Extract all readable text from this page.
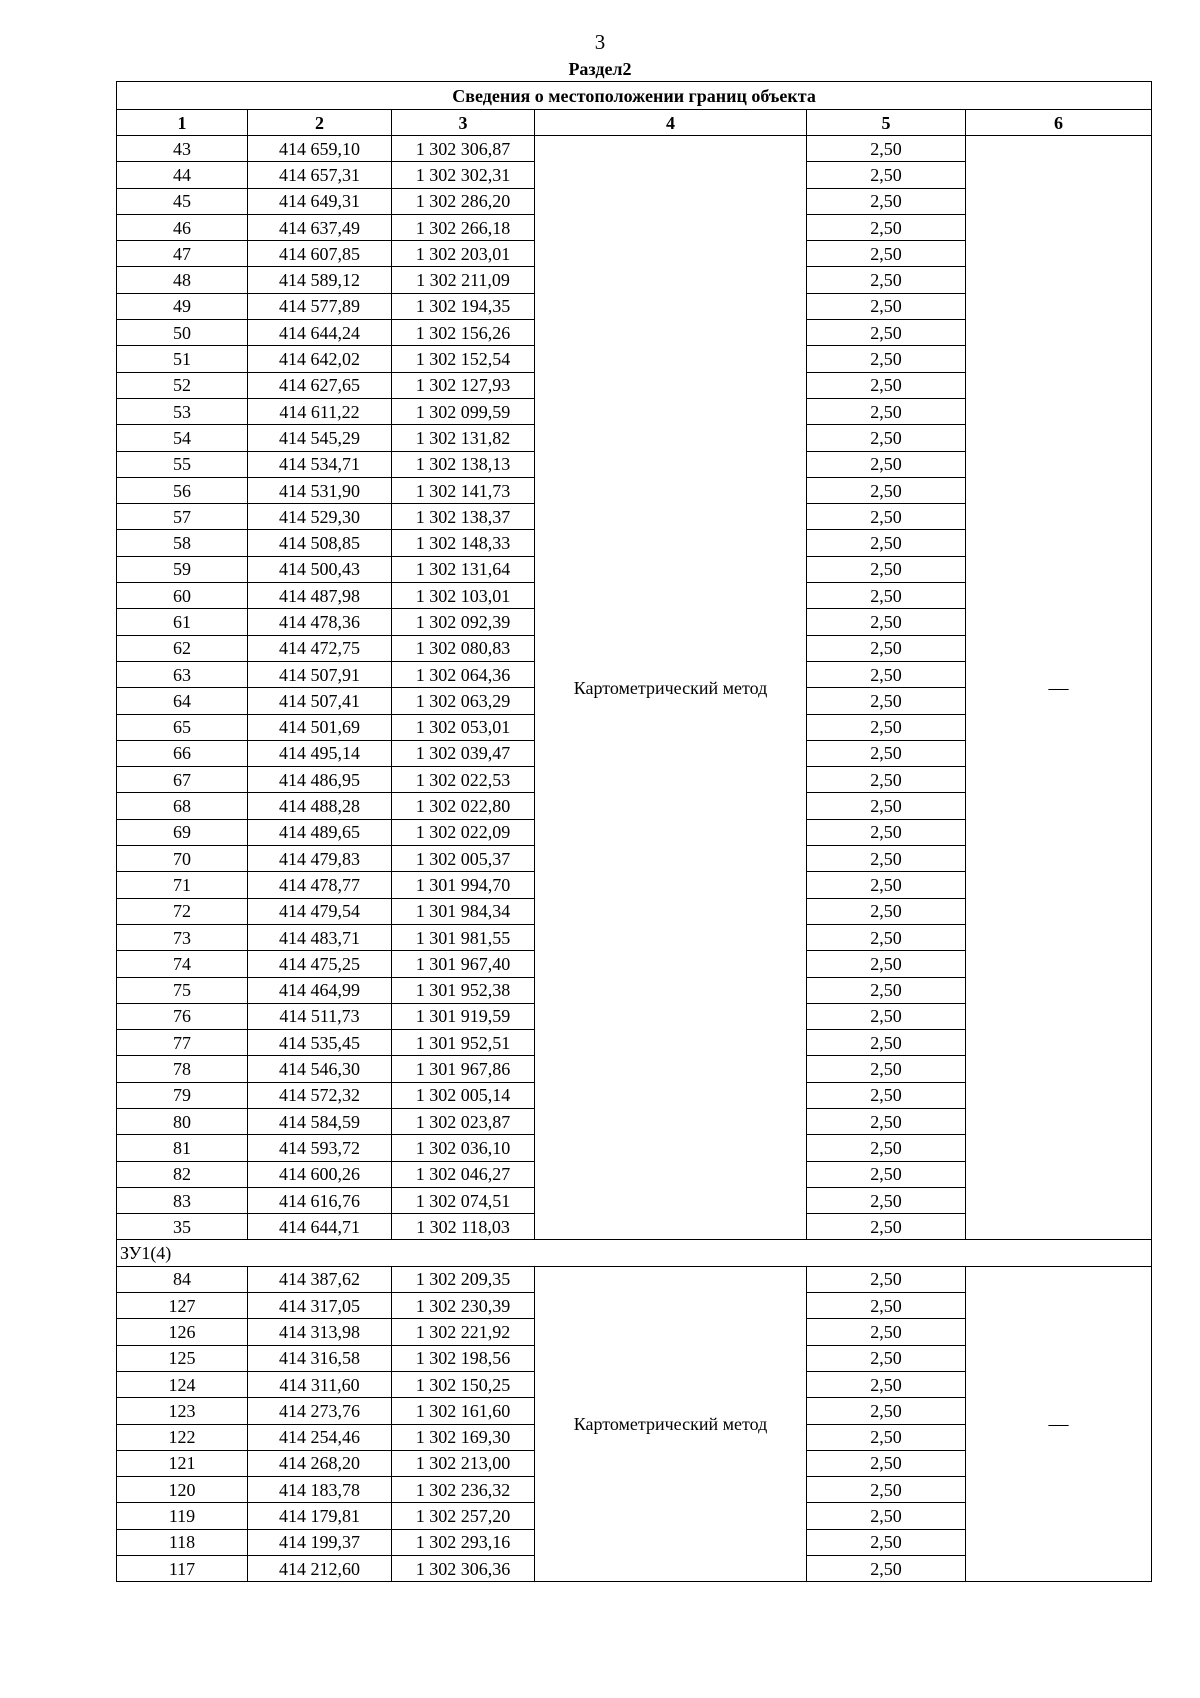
3
Раздел2
Сведения о местоположении границ объекта					
1	2	3	4	5	6
43	414 659,10	1 302 306,87	Картометрический метод	2,50	—
44	414 657,31	1 302 302,31		2,50	
45	414 649,31	1 302 286,20		2,50	
46	414 637,49	1 302 266,18		2,50	
47	414 607,85	1 302 203,01		2,50	
48	414 589,12	1 302 211,09		2,50	
49	414 577,89	1 302 194,35		2,50	
50	414 644,24	1 302 156,26		2,50	
51	414 642,02	1 302 152,54		2,50	
52	414 627,65	1 302 127,93		2,50	
53	414 611,22	1 302 099,59		2,50	
54	414 545,29	1 302 131,82		2,50	
55	414 534,71	1 302 138,13		2,50	
56	414 531,90	1 302 141,73		2,50	
57	414 529,30	1 302 138,37		2,50	
58	414 508,85	1 302 148,33		2,50	
59	414 500,43	1 302 131,64		2,50	
60	414 487,98	1 302 103,01		2,50	
61	414 478,36	1 302 092,39		2,50	
62	414 472,75	1 302 080,83		2,50	
63	414 507,91	1 302 064,36		2,50	
64	414 507,41	1 302 063,29		2,50	
65	414 501,69	1 302 053,01		2,50	
66	414 495,14	1 302 039,47		2,50	
67	414 486,95	1 302 022,53		2,50	
68	414 488,28	1 302 022,80		2,50	
69	414 489,65	1 302 022,09		2,50	
70	414 479,83	1 302 005,37		2,50	
71	414 478,77	1 301 994,70		2,50	
72	414 479,54	1 301 984,34		2,50	
73	414 483,71	1 301 981,55		2,50	
74	414 475,25	1 301 967,40		2,50	
75	414 464,99	1 301 952,38		2,50	
76	414 511,73	1 301 919,59		2,50	
77	414 535,45	1 301 952,51		2,50	
78	414 546,30	1 301 967,86		2,50	
79	414 572,32	1 302 005,14		2,50	
80	414 584,59	1 302 023,87		2,50	
81	414 593,72	1 302 036,10		2,50	
82	414 600,26	1 302 046,27		2,50	
83	414 616,76	1 302 074,51		2,50	
35	414 644,71	1 302 118,03		2,50	
ЗУ1(4)					
84	414 387,62	1 302 209,35	Картометрический метод	2,50	—
127	414 317,05	1 302 230,39		2,50	
126	414 313,98	1 302 221,92		2,50	
125	414 316,58	1 302 198,56		2,50	
124	414 311,60	1 302 150,25		2,50	
123	414 273,76	1 302 161,60		2,50	
122	414 254,46	1 302 169,30		2,50	
121	414 268,20	1 302 213,00		2,50	
120	414 183,78	1 302 236,32		2,50	
119	414 179,81	1 302 257,20		2,50	
118	414 199,37	1 302 293,16		2,50	
117	414 212,60	1 302 306,36		2,50	
